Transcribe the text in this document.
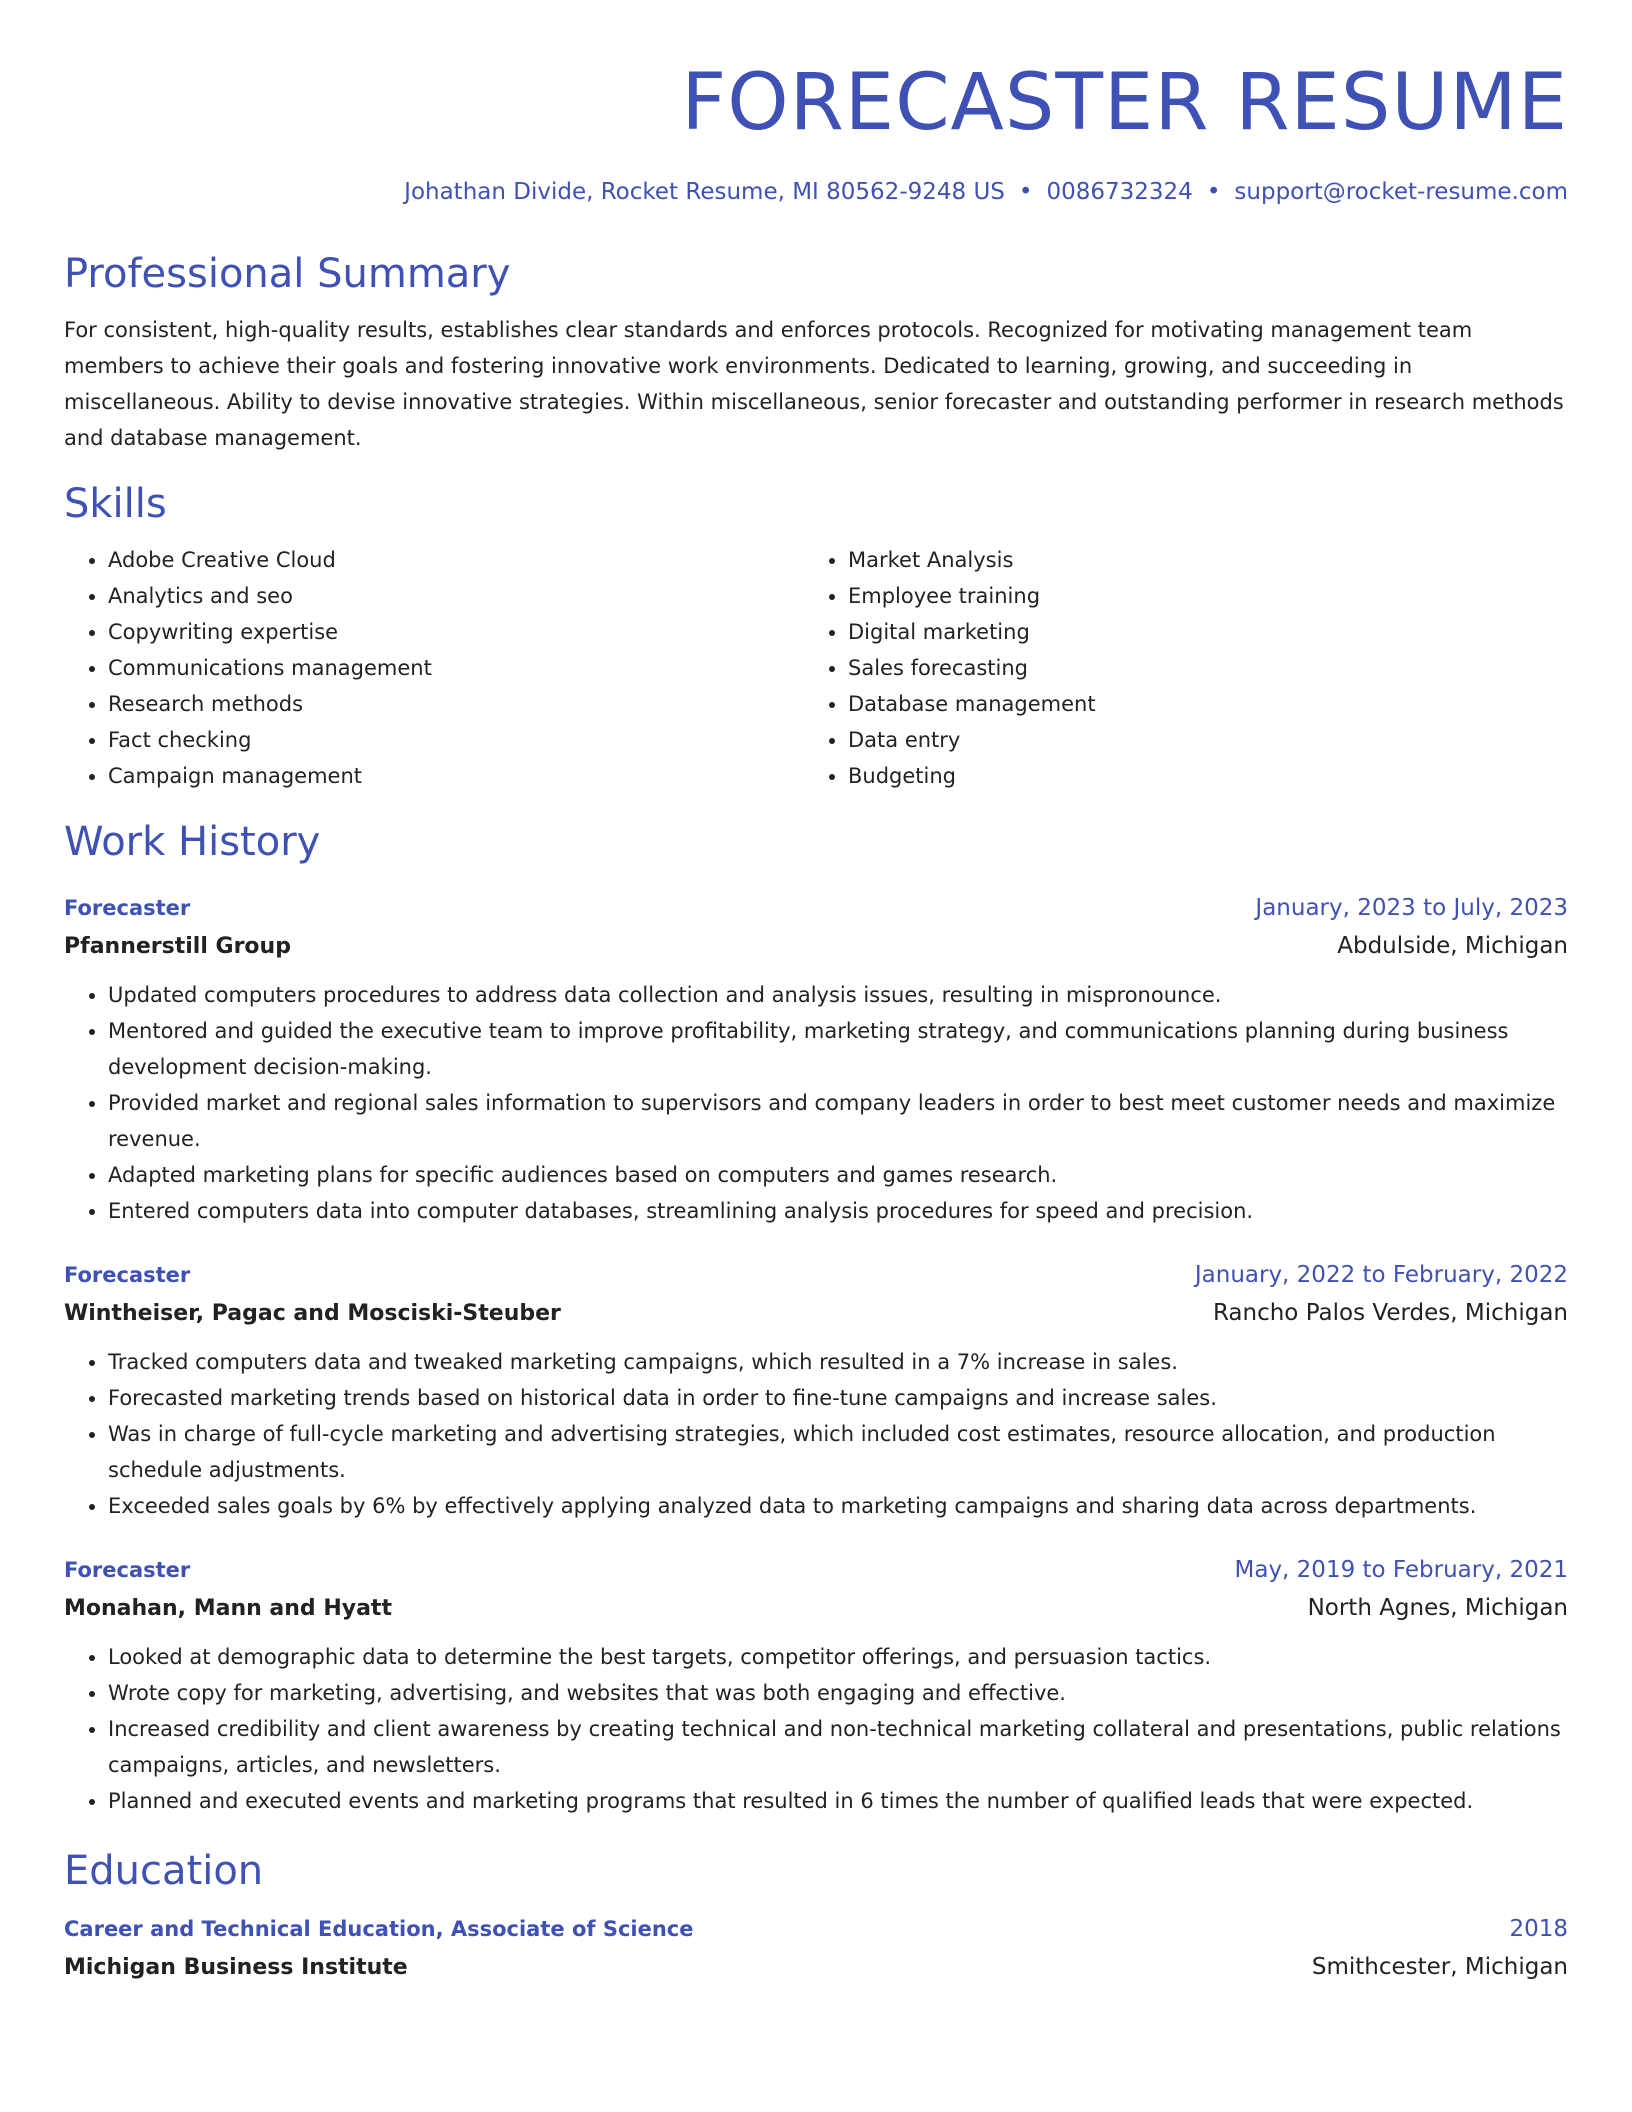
FORECASTER RESUME
Johathan Divide, Rocket Resume, MI 80562-9248 US • 0086732324 • support@rocket-resume.com
Professional Summary
For consistent, high-quality results, establishes clear standards and enforces protocols. Recognized for motivating management team members to achieve their goals and fostering innovative work environments. Dedicated to learning, growing, and succeeding in miscellaneous. Ability to devise innovative strategies. Within miscellaneous, senior forecaster and outstanding performer in research methods and database management.
Skills
• Adobe Creative Cloud
• Analytics and seo
• Copywriting expertise
• Communications management
• Research methods
• Fact checking
• Campaign management
• Market Analysis
• Employee training
• Digital marketing
• Sales forecasting
• Database management
• Data entry
• Budgeting
Work History
Forecaster	January, 2023 to July, 2023
Pfannerstill Group	Abdulside, Michigan
• Updated computers procedures to address data collection and analysis issues, resulting in mispronounce.
• Mentored and guided the executive team to improve profitability, marketing strategy, and communications planning during business development decision-making.
• Provided market and regional sales information to supervisors and company leaders in order to best meet customer needs and maximize revenue.
• Adapted marketing plans for specific audiences based on computers and games research.
• Entered computers data into computer databases, streamlining analysis procedures for speed and precision.
Forecaster	January, 2022 to February, 2022
Wintheiser, Pagac and Mosciski-Steuber	Rancho Palos Verdes, Michigan
• Tracked computers data and tweaked marketing campaigns, which resulted in a 7% increase in sales.
• Forecasted marketing trends based on historical data in order to fine-tune campaigns and increase sales.
• Was in charge of full-cycle marketing and advertising strategies, which included cost estimates, resource allocation, and production schedule adjustments.
• Exceeded sales goals by 6% by effectively applying analyzed data to marketing campaigns and sharing data across departments.
Forecaster	May, 2019 to February, 2021
Monahan, Mann and Hyatt	North Agnes, Michigan
• Looked at demographic data to determine the best targets, competitor offerings, and persuasion tactics.
• Wrote copy for marketing, advertising, and websites that was both engaging and effective.
• Increased credibility and client awareness by creating technical and non-technical marketing collateral and presentations, public relations campaigns, articles, and newsletters.
• Planned and executed events and marketing programs that resulted in 6 times the number of qualified leads that were expected.
Education
Career and Technical Education, Associate of Science	2018
Michigan Business Institute	Smithcester, Michigan
